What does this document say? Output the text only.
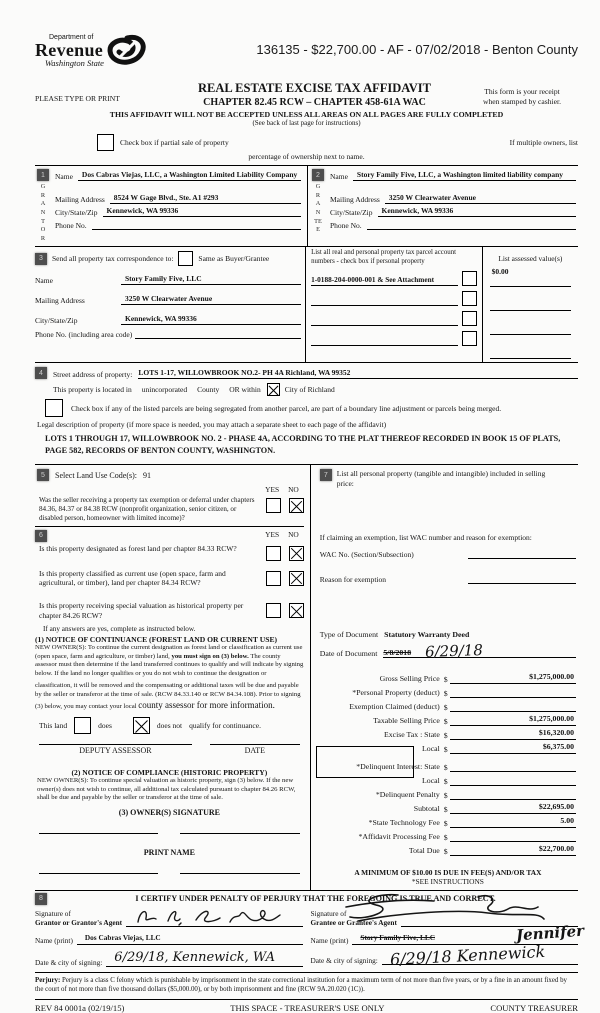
Department of
Revenue
Washington State
136135 - $22,700.00 - AF - 07/02/2018 - Benton County
PLEASE TYPE OR PRINT
REAL ESTATE EXCISE TAX AFFIDAVIT
CHAPTER 82.45 RCW – CHAPTER 458-61A WAC
This form is your receipt
when stamped by cashier.
THIS AFFIDAVIT WILL NOT BE ACCEPTED UNLESS ALL AREAS ON ALL PAGES ARE FULLY COMPLETED
(See back of last page for instructions)
Check box if partial sale of property	If multiple owners, list
percentage of ownership next to name.
1
GRANTOR
Name	Dos Cabras Viejas, LLC, a Washington Limited Liability Company
Mailing Address	8524 W Gage Blvd., Ste. A1 #293
City/State/Zip	Kennewick, WA 99336
Phone No.
2
GRANTEE
Name	Story Family Five, LLC, a Washington limited liability company
Mailing Address	3250 W Clearwater Avenue
City/State/Zip	Kennewick, WA 99336
Phone No.
3	Send all property tax correspondence to:	Same as Buyer/Grantee
Name	Story Family Five, LLC
Mailing Address	3250 W Clearwater Avenue
City/State/Zip	Kennewick, WA 99336
Phone No. (including area code)
List all real and personal property tax parcel account numbers - check box if personal property
1-0188-204-0000-001 & See Attachment
List assessed value(s)
$0.00
4	Street address of property: LOTS 1-17, WILLOWBROOK NO.2- PH 4A Richland, WA 99352
This property is located in unincorporated County OR within	City of Richland
Check box if any of the listed parcels are being segregated from another parcel, are part of a boundary line adjustment or parcels being merged.
Legal description of property (if more space is needed, you may attach a separate sheet to each page of the affidavit)
LOTS 1 THROUGH 17, WILLOWBROOK NO. 2 - PHASE 4A, ACCORDING TO THE PLAT THEREOF RECORDED IN BOOK 15 OF PLATS, PAGE 582, RECORDS OF BENTON COUNTY, WASHINGTON.
5	Select Land Use Code(s): 91
YES NO
Was the seller receiving a property tax exemption or deferral under chapters 84.36, 84.37 or 84.38 RCW (nonprofit organization, senior citizen, or disabled person, homeowner with limited income)?
6	YES NO
Is this property designated as forest land per chapter 84.33 RCW?
Is this property classified as current use (open space, farm and agricultural, or timber), land per chapter 84.34 RCW?
Is this property receiving special valuation as historical property per chapter 84.26 RCW?
If any answers are yes, complete as instructed below.
(1) NOTICE OF CONTINUANCE (FOREST LAND OR CURRENT USE)
NEW OWNER(S): To continue the current designation as forest land or classification as current use (open space, farm and agriculture, or timber) land, you must sign on (3) below. The county assessor must then determine if the land transferred continues to qualify and will indicate by signing below. If the land no longer qualifies or you do not wish to continue the designation or
classification, it will be removed and the compensating or additional taxes will be due and payable by the seller or transferor at the time of sale. (RCW 84.33.140 or RCW 84.34.108). Prior to signing (3) below, you may contact your local county assessor for more information.
This land	does	does not qualify for continuance.
DEPUTY ASSESSOR	DATE
(2) NOTICE OF COMPLIANCE (HISTORIC PROPERTY)
NEW OWNER(S): To continue special valuation as historic property, sign (3) below. If the new owner(s) does not wish to continue, all additional tax calculated pursuant to chapter 84.26 RCW, shall be due and payable by the seller or transferor at the time of sale.
(3) OWNER(S) SIGNATURE
PRINT NAME
7	List all personal property (tangible and intangible) included in selling price:
If claiming an exemption, list WAC number and reason for exemption:
WAC No. (Section/Subsection)
Reason for exemption
Type of Document Statutory Warranty Deed
Date of Document 5/8/2018 6/29/18
Gross Selling Price $	$1,275,000.00
*Personal Property (deduct) $
Exemption Claimed (deduct) $
Taxable Selling Price $	$1,275,000.00
Excise Tax : State $	$16,320.00
Local $	$6,375.00
*Delinquent Interest: State $
Local $
*Delinquent Penalty $
Subtotal $	$22,695.00
*State Technology Fee $	5.00
*Affidavit Processing Fee $
Total Due $	$22,700.00
A MINIMUM OF $10.00 IS DUE IN FEE(S) AND/OR TAX
*SEE INSTRUCTIONS
8	I CERTIFY UNDER PENALTY OF PERJURY THAT THE FOREGOING IS TRUE AND CORRECT.
Signature of
Grantor or Grantor's Agent
Name (print)	Dos Cabras Viejas, LLC
Date & city of signing: 6/29/18, Kennewick, WA
Signature of
Grantee or Grantee's Agent
Name (print)	Story Family Five, LLC	Jennifer
Date & city of signing: 6/29/18 Kennewick
Perjury: Perjury is a class C felony which is punishable by imprisonment in the state correctional institution for a maximum term of not more than five years, or by a fine in an amount fixed by the court of not more than five thousand dollars ($5,000.00), or by both imprisonment and fine (RCW 9A.20.020 (1C)).
REV 84 0001a (02/19/15)	THIS SPACE - TREASURER'S USE ONLY	COUNTY TREASURER
